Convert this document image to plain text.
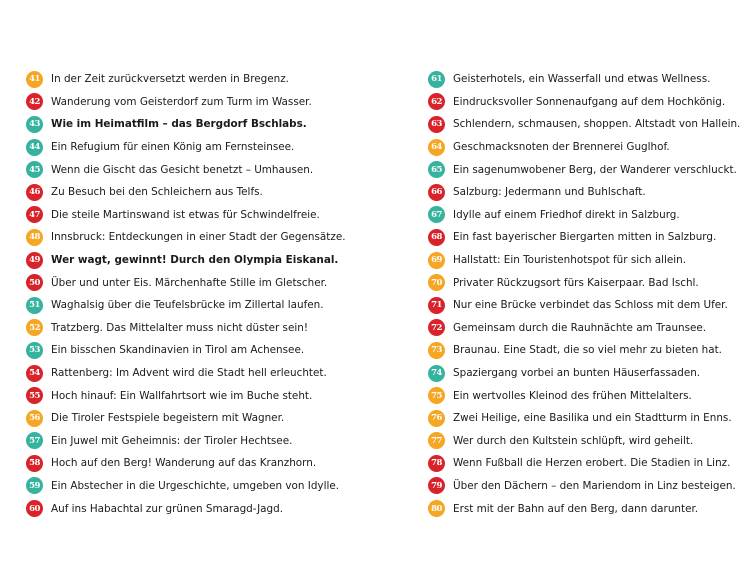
41 In der Zeit zurückversetzt werden in Bregenz.
42 Wanderung vom Geisterdorf zum Turm im Wasser.
43 Wie im Heimatfilm – das Bergdorf Bschlabs.
44 Ein Refugium für einen König am Fernsteinsee.
45 Wenn die Gischt das Gesicht benetzt – Umhausen.
46 Zu Besuch bei den Schleichern aus Telfs.
47 Die steile Martinswand ist etwas für Schwindelfreie.
48 Innsbruck: Entdeckungen in einer Stadt der Gegensätze.
49 Wer wagt, gewinnt! Durch den Olympia Eiskanal.
50 Über und unter Eis. Märchenhafte Stille im Gletscher.
51 Waghalsig über die Teufelsbrücke im Zillertal laufen.
52 Tratzberg. Das Mittelalter muss nicht düster sein!
53 Ein bisschen Skandinavien in Tirol am Achensee.
54 Rattenberg: Im Advent wird die Stadt hell erleuchtet.
55 Hoch hinauf: Ein Wallfahrtsort wie im Buche steht.
56 Die Tiroler Festspiele begeistern mit Wagner.
57 Ein Juwel mit Geheimnis: der Tiroler Hechtsee.
58 Hoch auf den Berg! Wanderung auf das Kranzhorn.
59 Ein Abstecher in die Urgeschichte, umgeben von Idylle.
60 Auf ins Habachtal zur grünen Smaragd-Jagd.
61 Geisterhotels, ein Wasserfall und etwas Wellness.
62 Eindrucksvoller Sonnenaufgang auf dem Hochkönig.
63 Schlendern, schmausen, shoppen. Altstadt von Hallein.
64 Geschmacksnoten der Brennerei Guglhof.
65 Ein sagenumwobener Berg, der Wanderer verschluckt.
66 Salzburg: Jedermann und Buhlschaft.
67 Idylle auf einem Friedhof direkt in Salzburg.
68 Ein fast bayerischer Biergarten mitten in Salzburg.
69 Hallstatt: Ein Touristenhotspot für sich allein.
70 Privater Rückzugsort fürs Kaiserpaar. Bad Ischl.
71 Nur eine Brücke verbindet das Schloss mit dem Ufer.
72 Gemeinsam durch die Rauhnächte am Traunsee.
73 Braunau. Eine Stadt, die so viel mehr zu bieten hat.
74 Spaziergang vorbei an bunten Häuserfassaden.
75 Ein wertvolles Kleinod des frühen Mittelalters.
76 Zwei Heilige, eine Basilika und ein Stadtturm in Enns.
77 Wer durch den Kultstein schlüpft, wird geheilt.
78 Wenn Fußball die Herzen erobert. Die Stadien in Linz.
79 Über den Dächern – den Mariendom in Linz besteigen.
80 Erst mit der Bahn auf den Berg, dann darunter.
